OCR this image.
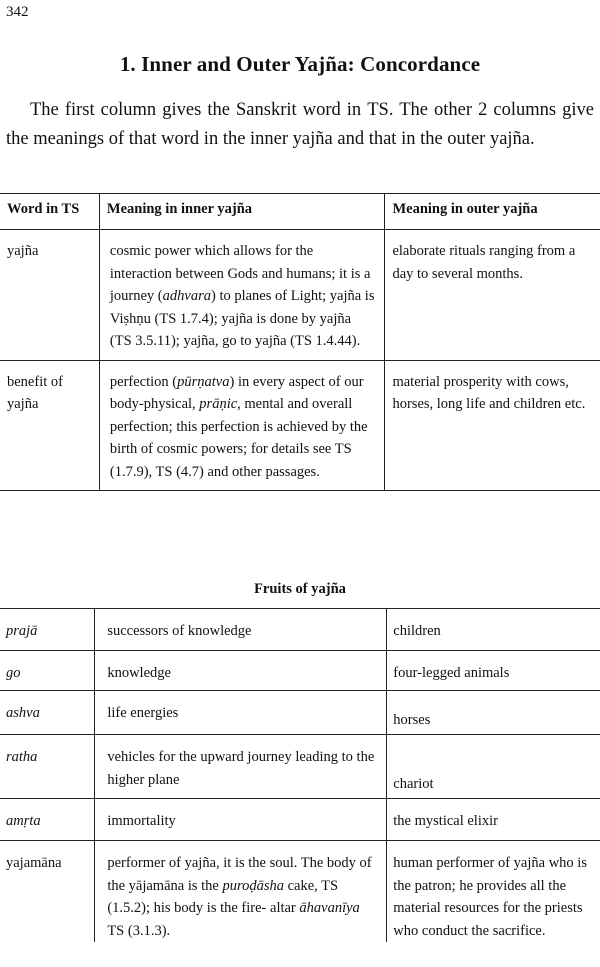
342
1. Inner and Outer Yajña: Concordance

The first column gives the Sanskrit word in TS. The other 2 columns give the meanings of that word in the inner yajña and that in the outer yajña.

Word in TS	Meaning in inner yajña	Meaning in outer yajña
yajña	cosmic power which allows for the interaction between Gods and humans; it is a journey (adhvara) to planes of Light; yajña is Viṣhṇu (TS 1.7.4); yajña is done by yajña (TS 3.5.11); yajña, go to yajña (TS 1.4.44).	elaborate rituals ranging from a day to several months.
benefit of yajña	perfection (pūrṇatva) in every aspect of our body-physical, prāṇic, mental and overall perfection; this perfection is achieved by the birth of cosmic powers; for details see TS (1.7.9), TS (4.7) and other passages.	material prosperity with cows, horses, long life and children etc.
Fruits of yajña
prajā	successors of knowledge	children
go	knowledge	four-legged animals
ashva	life energies	horses
ratha	vehicles for the upward journey leading to the higher plane	chariot
amṛta	immortality	the mystical elixir
yajamāna	performer of yajña, it is the soul. The body of the yājamāna is the puroḍāsha cake, TS (1.5.2); his body is the fire- altar āhavanīya TS (3.1.3).	human performer of yajña who is the patron; he provides all the material resources for the priests who conduct the sacrifice.
